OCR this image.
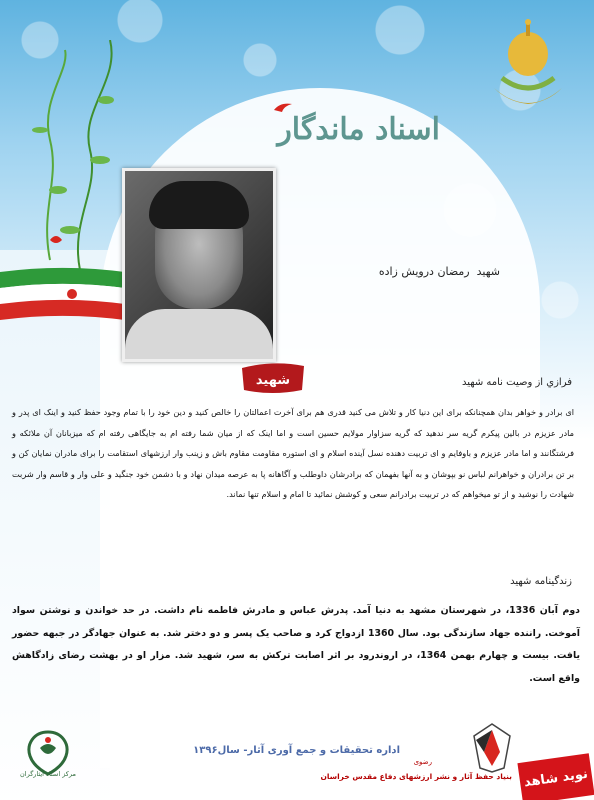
اسناد ماندگار
شهید
شهيد  رمضان درويش زاده
فرازي از وصيت نامه شهيد
ای برادر و خواهر بدان همچنانکه برای این دنیا کار و تلاش می کنید قدری هم برای آخرت اعمالتان را خالص کنید و دین خود را با تمام وجود حفظ کنید و اینک ای پدر و مادر عزیزم در بالین پیکرم گریه سر ندهید که گریه سزاوار مولایم حسین است و اما اینک که از میان شما رفته ام به جایگاهی رفته ام که میزبانان آن ملائکه و فرشتگانند و اما مادر عزیزم و باوفایم و ای تربیت دهنده نسل آینده اسلام و ای استوره مقاومت مقاوم باش و زینب وار ارزشهای استقامت را برای مادران نمایان کن و بر تن برادران و خواهرانم لباس نو بپوشان و به آنها بفهمان که برادرشان داوطلب و آگاهانه پا به عرصه میدان نهاد و با دشمن خود جنگید و علی وار و قاسم وار شربت شهادت را نوشید و از تو میخواهم که در تربیت برادرانم سعی و کوشش نمائید تا امام و اسلام تنها نماند.
زندگينامه شهيد
دوم آبان 1336، در شهرستان مشهد به دنیا آمد. پدرش عباس و مادرش فاطمه نام داشت. در حد خواندن و نوشتن سواد آموخت. راننده جهاد سازندگی بود. سال 1360 ازدواج کرد و صاحب یک پسر و دو دختر شد. به عنوان جهادگر در جبهه حضور یافت. بیست و چهارم بهمن 1364، در اروندرود بر اثر اصابت ترکش به سر، شهید شد. مزار او در بهشت رضای زادگاهش واقع است.
مرکز اسناد ایثارگران
اداره تحقیقات و جمع آوری آثار- سال۱۳۹۶
رضوی
بنیاد حفظ آثار و نشر ارزشهای دفاع مقدس خراسان نوید شاهد
